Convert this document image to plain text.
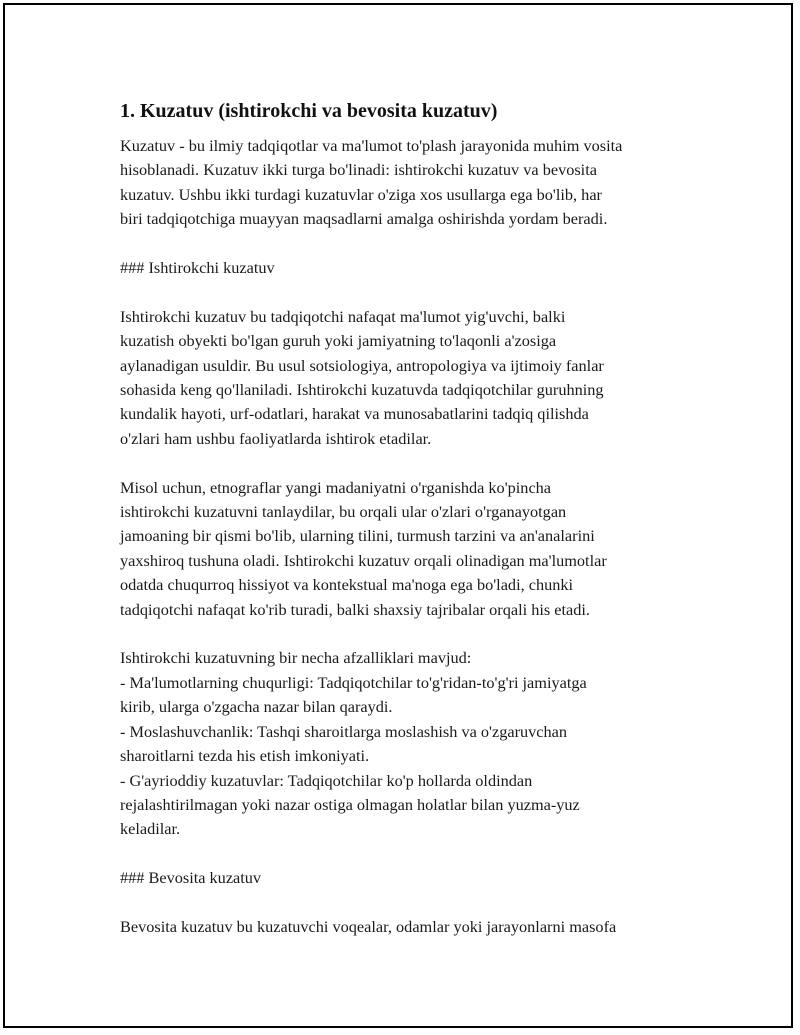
1. Kuzatuv (ishtirokchi va bevosita kuzatuv)

Kuzatuv - bu ilmiy tadqiqotlar va ma'lumot to'plash jarayonida muhim vosita
hisoblanadi. Kuzatuv ikki turga bo'linadi: ishtirokchi kuzatuv va bevosita
kuzatuv. Ushbu ikki turdagi kuzatuvlar o'ziga xos usullarga ega bo'lib, har
biri tadqiqotchiga muayyan maqsadlarni amalga oshirishda yordam beradi.

### Ishtirokchi kuzatuv

Ishtirokchi kuzatuv bu tadqiqotchi nafaqat ma'lumot yig'uvchi, balki
kuzatish obyekti bo'lgan guruh yoki jamiyatning to'laqonli a'zosiga
aylanadigan usuldir. Bu usul sotsiologiya, antropologiya va ijtimoiy fanlar
sohasida keng qo'llaniladi. Ishtirokchi kuzatuvda tadqiqotchilar guruhning
kundalik hayoti, urf-odatlari, harakat va munosabatlarini tadqiq qilishda
o'zlari ham ushbu faoliyatlarda ishtirok etadilar.

Misol uchun, etnograflar yangi madaniyatni o'rganishda ko'pincha
ishtirokchi kuzatuvni tanlaydilar, bu orqali ular o'zlari o'rganayotgan
jamoaning bir qismi bo'lib, ularning tilini, turmush tarzini va an'analarini
yaxshiroq tushuna oladi. Ishtirokchi kuzatuv orqali olinadigan ma'lumotlar
odatda chuqurroq hissiyot va kontekstual ma'noga ega bo'ladi, chunki
tadqiqotchi nafaqat ko'rib turadi, balki shaxsiy tajribalar orqali his etadi.

Ishtirokchi kuzatuvning bir necha afzalliklari mavjud:
- Ma'lumotlarning chuqurligi: Tadqiqotchilar to'g'ridan-to'g'ri jamiyatga
kirib, ularga o'zgacha nazar bilan qaraydi.
- Moslashuvchanlik: Tashqi sharoitlarga moslashish va o'zgaruvchan
sharoitlarni tezda his etish imkoniyati.
- G'ayrioddiy kuzatuvlar: Tadqiqotchilar ko'p hollarda oldindan
rejalashtirilmagan yoki nazar ostiga olmagan holatlar bilan yuzma-yuz
keladilar.

### Bevosita kuzatuv

Bevosita kuzatuv bu kuzatuvchi voqealar, odamlar yoki jarayonlarni masofa
